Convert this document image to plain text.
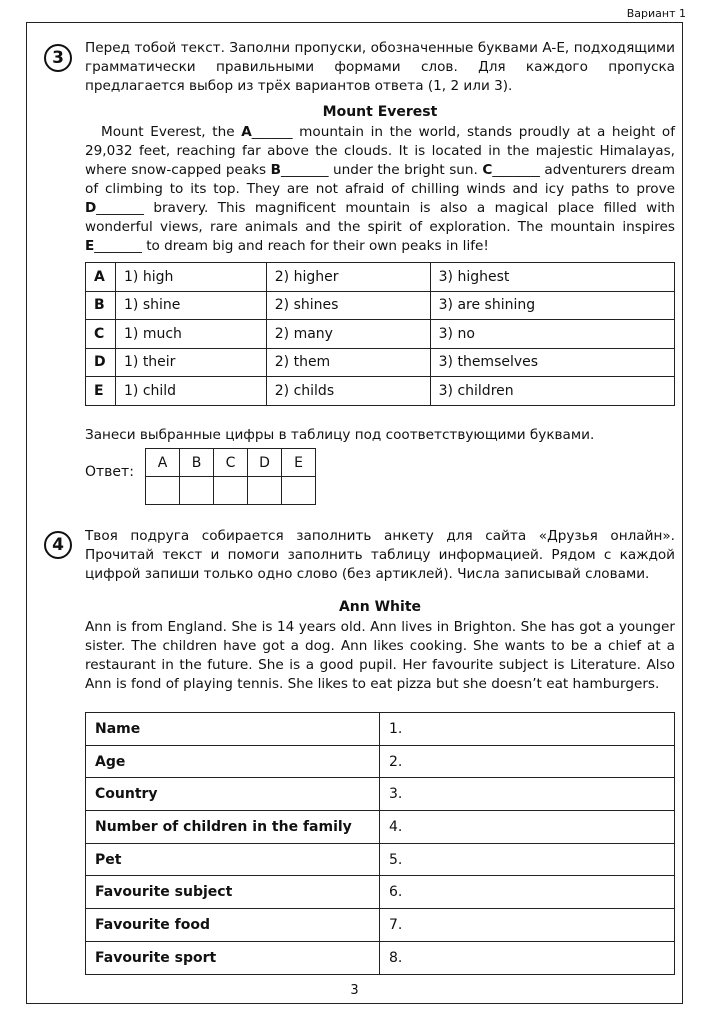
Вариант 1
3	Перед тобой текст. Заполни пропуски, обозначенные буквами A-E, подходящими грамматически правильными формами слов. Для каждого пропуска предлагается выбор из трёх вариантов ответа (1, 2 или 3).

Mount Everest

Mount Everest, the A______ mountain in the world, stands proudly at a height of 29,032 feet, reaching far above the clouds. It is located in the majestic Himalayas, where snow-capped peaks B_______ under the bright sun. C_______ adventurers dream of climbing to its top. They are not afraid of chilling winds and icy paths to prove D_______ bravery. This magnificent mountain is also a magical place filled with wonderful views, rare animals and the spirit of exploration. The mountain inspires E_______ to dream big and reach for their own peaks in life!

A	1) high	2) higher	3) highest
B	1) shine	2) shines	3) are shining
C	1) much	2) many	3) no
D	1) their	2) them	3) themselves
E	1) child	2) childs	3) children

Занеси выбранные цифры в таблицу под соответствующими буквами.

Ответ:
A	B	C	D	E

4	Твоя подруга собирается заполнить анкету для сайта «Друзья онлайн». Прочитай текст и помоги заполнить таблицу информацией. Рядом с каждой цифрой запиши только одно слово (без артиклей). Числа записывай словами.

Ann White

Ann is from England. She is 14 years old. Ann lives in Brighton. She has got a younger sister. The children have got a dog. Ann likes cooking. She wants to be a chief at a restaurant in the future. She is a good pupil. Her favourite subject is Literature. Also Ann is fond of playing tennis. She likes to eat pizza but she doesn’t eat hamburgers.

Name	1.
Age	2.
Country	3.
Number of children in the family	4.
Pet	5.
Favourite subject	6.
Favourite food	7.
Favourite sport	8.
3
